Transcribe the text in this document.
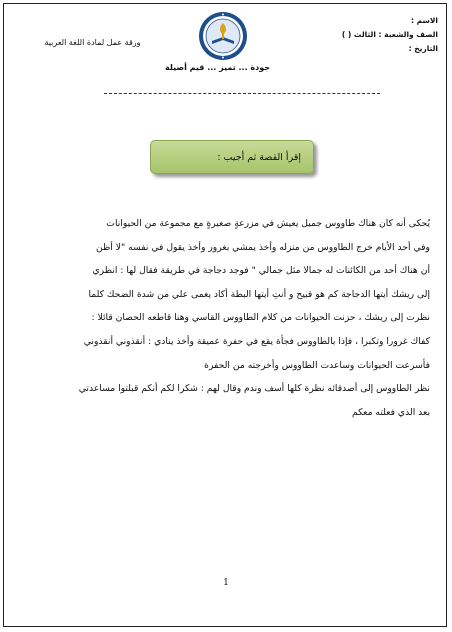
الاسم :
الصف والشعبة : الثالث ( )
التاريخ :
ورقة عمل لمادة اللغة العربية
جودة ... تميز ... قيم أصيلة
إقرأ القصة ثم أجيب :

يُحكى أنه كان هناك طاووس جميل يعيش في مزرعةٍ صغيرةٍ مع مجموعة من الحيوانات

وفي أحد الأيام خرج الطاووس من منزله وأخذ يمشي بغرور وأخذ يقول في نفسه "لا أظن

أن هناك أحد من الكائنات له جمالا مثل جمالي " فوجد دجاجة في طريقة فقال لها : انظري

إلى ريشك أيتها الدجاجة كم هو قبيح و أنتِ أيتها البطة أكاد يغمى علي من شدة الضحك كلما

نظرت إلى ريشك ، حزنت الحيوانات من كلام الطاووس القاسي وهنا قاطعه الحصان قائلا :

كفاك غرورا وتكبرا ، فإذا بالطاووس فجأة يقع في حفرة عميقة وأخذ ينادي : أنقذوني أنقذوني

فأسرعت الحيوانات وساعدت الطاووس وأخرجته من الحفرة

نظر الطاووس إلى أصدقائه نظرة كلها أسف وندم وقال لهم : شكرا لكم أنكم قبلتوا مساعدتي

بعد الذي فعلته معكم

1
